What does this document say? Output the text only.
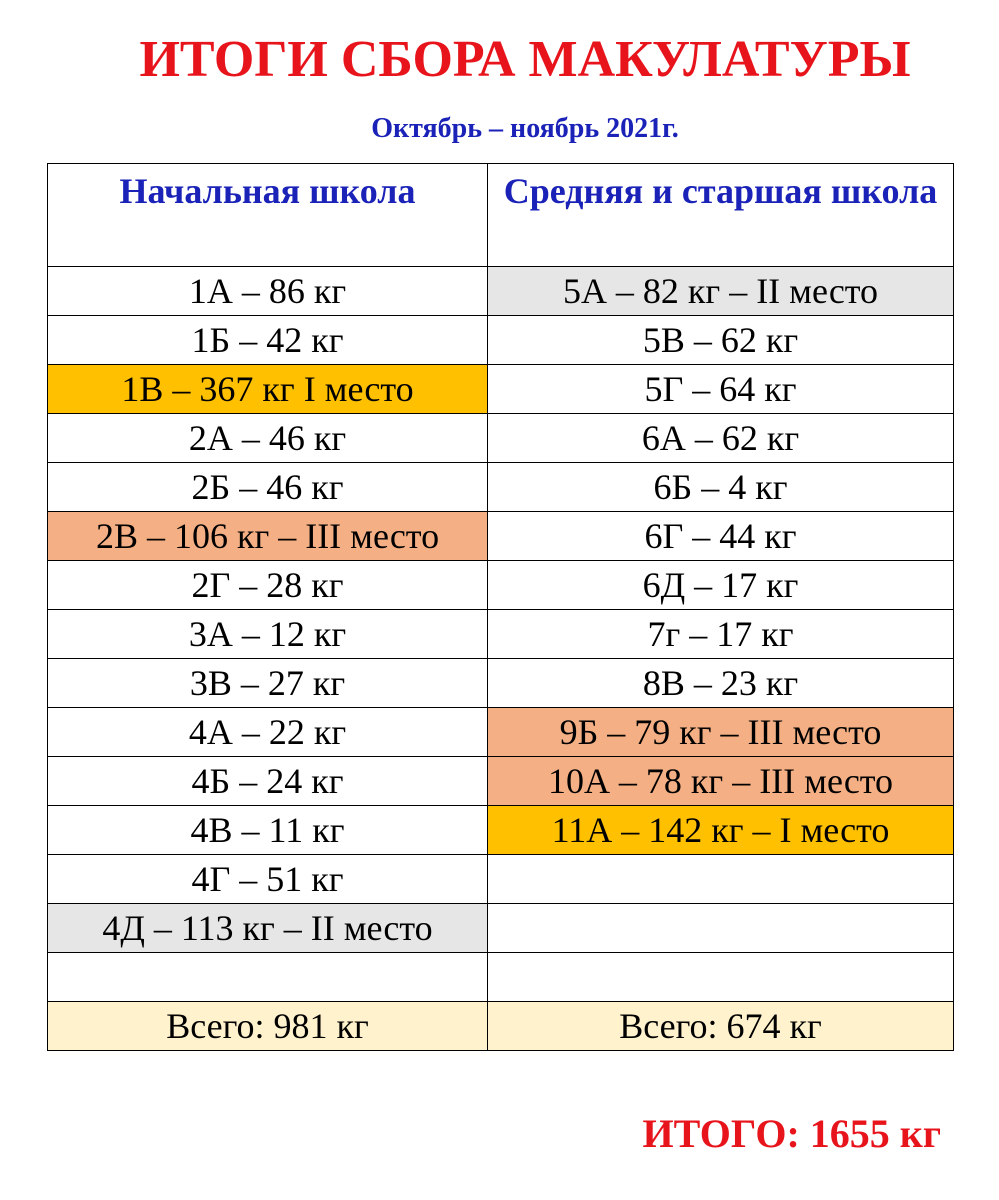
ИТОГИ СБОРА МАКУЛАТУРЫ
Октябрь – ноябрь 2021г.
Начальная школа	Средняя и старшая школа
1А – 86 кг	5А – 82 кг – II место
1Б – 42 кг	5В – 62 кг
1В – 367 кг I место	5Г – 64 кг
2А – 46 кг	6А – 62 кг
2Б – 46 кг	6Б – 4 кг
2В – 106 кг – III место	6Г – 44 кг
2Г – 28 кг	6Д – 17 кг
3А – 12 кг	7г – 17 кг
3В – 27 кг	8В – 23 кг
4А – 22 кг	9Б – 79 кг – III место
4Б – 24 кг	10А – 78 кг – III место
4В – 11 кг	11А – 142 кг – I место
4Г – 51 кг	
4Д – 113 кг – II место	

Всего: 981 кг	Всего: 674 кг

ИТОГО: 1655 кг
